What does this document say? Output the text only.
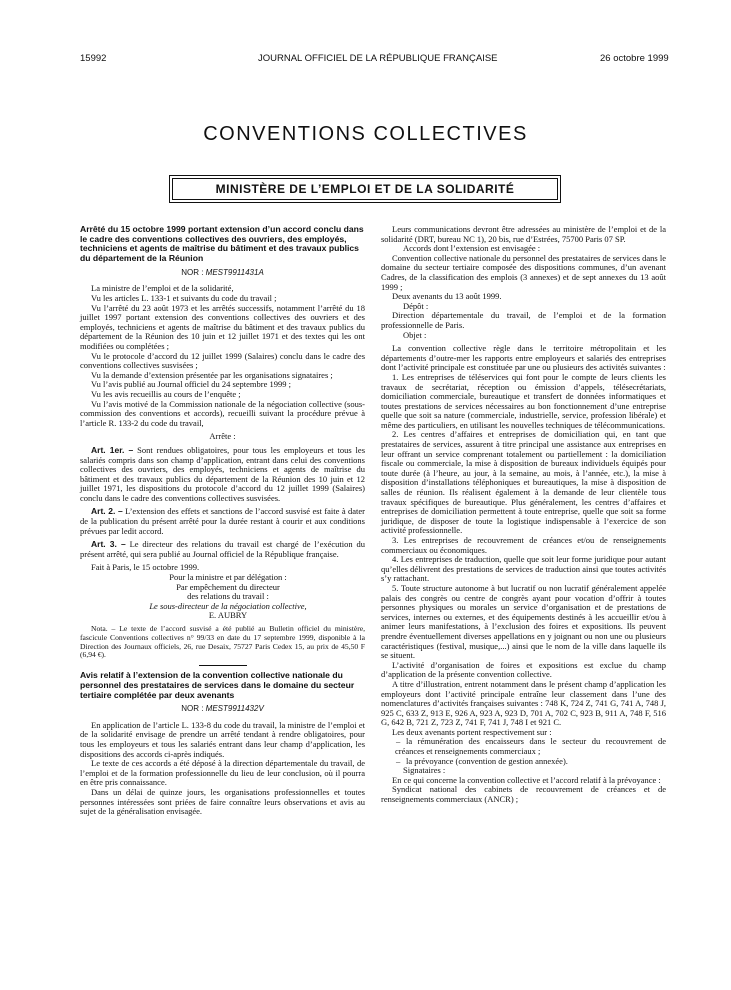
15992	JOURNAL OFFICIEL DE LA RÉPUBLIQUE FRANÇAISE	26 octobre 1999
CONVENTIONS COLLECTIVES
MINISTÈRE DE L’EMPLOI ET DE LA SOLIDARITÉ
Arrêté du 15 octobre 1999 portant extension d’un accord conclu dans le cadre des conventions collectives des ouvriers, des employés, techniciens et agents de maîtrise du bâtiment et des travaux publics du département de la Réunion
NOR : MESТ9911431A

La ministre de l’emploi et de la solidarité,

Vu les articles L. 133-1 et suivants du code du travail ;

Vu l’arrêté du 23 août 1973 et les arrêtés successifs, notamment l’arrêté du 18 juillet 1997 portant extension des conventions collectives des ouvriers et des employés, techniciens et agents de maîtrise du bâtiment et des travaux publics du département de la Réunion des 10 juin et 12 juillet 1971 et des textes qui les ont modifiées ou complétées ;

Vu le protocole d’accord du 12 juillet 1999 (Salaires) conclu dans le cadre des conventions collectives susvisées ;

Vu la demande d’extension présentée par les organisations signataires ;

Vu l’avis publié au Journal officiel du 24 septembre 1999 ;

Vu les avis recueillis au cours de l’enquête ;

Vu l’avis motivé de la Commission nationale de la négociation collective (sous-commission des conventions et accords), recueilli suivant la procédure prévue à l’article R. 133-2 du code du travail,

Arrête :

Art. 1er. – Sont rendues obligatoires, pour tous les employeurs et tous les salariés compris dans son champ d’application, entrant dans celui des conventions collectives des ouvriers, des employés, techniciens et agents de maîtrise du bâtiment et des travaux publics du département de la Réunion des 10 juin et 12 juillet 1971, les dispositions du protocole d’accord du 12 juillet 1999 (Salaires) conclu dans le cadre des conventions collectives susvisées.

Art. 2. – L’extension des effets et sanctions de l’accord susvisé est faite à dater de la publication du présent arrêté pour la durée restant à courir et aux conditions prévues par ledit accord.

Art. 3. – Le directeur des relations du travail est chargé de l’exécution du présent arrêté, qui sera publié au Journal officiel de la République française.

Fait à Paris, le 15 octobre 1999.

Pour la ministre et par délégation :

Par empêchement du directeur

des relations du travail :

Le sous-directeur de la négociation collective,

E. AUBRY

Nota. – Le texte de l’accord susvisé a été publié au Bulletin officiel du ministère, fascicule Conventions collectives n° 99/33 en date du 17 septembre 1999, disponible à la Direction des Journaux officiels, 26, rue Desaix, 75727 Paris Cedex 15, au prix de 45,50 F (6,94 €).

Avis relatif à l’extension de la convention collective nationale du personnel des prestataires de services dans le domaine du secteur tertiaire complétée par deux avenants
NOR : MEST9911432V

En application de l’article L. 133-8 du code du travail, la ministre de l’emploi et de la solidarité envisage de prendre un arrêté tendant à rendre obligatoires, pour tous les employeurs et tous les salariés entrant dans leur champ d’application, les dispositions des accords ci-après indiqués.

Le texte de ces accords a été déposé à la direction départementale du travail, de l’emploi et de la formation professionnelle du lieu de leur conclusion, où il pourra en être pris connaissance.

Dans un délai de quinze jours, les organisations professionnelles et toutes personnes intéressées sont priées de faire connaître leurs observations et avis au sujet de la généralisation envisagée.

Leurs communications devront être adressées au ministère de l’emploi et de la solidarité (DRT, bureau NC 1), 20 bis, rue d’Estrées, 75700 Paris 07 SP.

Accords dont l’extension est envisagée :

Convention collective nationale du personnel des prestataires de services dans le domaine du secteur tertiaire composée des dispositions communes, d’un avenant Cadres, de la classification des emplois (3 annexes) et de sept annexes du 13 août 1999 ;

Deux avenants du 13 août 1999.

Dépôt :

Direction départementale du travail, de l’emploi et de la formation professionnelle de Paris.

Objet :

La convention collective règle dans le territoire métropolitain et les départements d’outre-mer les rapports entre employeurs et salariés des entreprises dont l’activité principale est constituée par une ou plusieurs des activités suivantes :

1. Les entreprises de téléservices qui font pour le compte de leurs clients les travaux de secrétariat, réception ou émission d’appels, télésecrétariats, domiciliation commerciale, bureautique et transfert de données informatiques et toutes prestations de services nécessaires au bon fonctionnement d’une entreprise quelle que soit sa nature (commerciale, industrielle, service, profession libérale) et même des particuliers, en utilisant les nouvelles techniques de télécommunications.

2. Les centres d’affaires et entreprises de domiciliation qui, en tant que prestataires de services, assurent à titre principal une assistance aux entreprises en leur offrant un service comprenant totalement ou partiellement : la domiciliation fiscale ou commerciale, la mise à disposition de bureaux individuels équipés pour toute durée (à l’heure, au jour, à la semaine, au mois, à l’année, etc.), la mise à disposition d’installations téléphoniques et bureautiques, la mise à disposition de salles de réunion. Ils réalisent également à la demande de leur clientèle tous travaux spécifiques de bureautique. Plus généralement, les centres d’affaires et entreprises de domiciliation permettent à toute entreprise, quelle que soit sa forme juridique, de disposer de toute la logistique indispensable à l’exercice de son activité professionnelle.

3. Les entreprises de recouvrement de créances et/ou de renseignements commerciaux ou économiques.

4. Les entreprises de traduction, quelle que soit leur forme juridique pour autant qu’elles délivrent des prestations de services de traduction ainsi que toutes activités s’y rattachant.

5. Toute structure autonome à but lucratif ou non lucratif généralement appelée palais des congrès ou centre de congrès ayant pour vocation d’offrir à toutes personnes physiques ou morales un service d’organisation et de prestations de services, internes ou externes, et des équipements destinés à les accueillir et/ou à animer leurs manifestations, à l’exclusion des foires et expositions. Ils peuvent prendre éventuellement diverses appellations en y joignant ou non une ou plusieurs caractéristiques (festival, musique,...) ainsi que le nom de la ville dans laquelle ils se situent.

L’activité d’organisation de foires et expositions est exclue du champ d’application de la présente convention collective.

A titre d’illustration, entrent notamment dans le présent champ d’application les employeurs dont l’activité principale entraîne leur classement dans l’une des nomenclatures d’activités françaises suivantes : 748 K, 724 Z, 741 G, 741 A, 748 J, 925 C, 633 Z, 913 E, 926 A, 923 A, 923 D, 701 A, 702 C, 923 B, 911 A, 748 F, 516 G, 642 B, 721 Z, 723 Z, 741 F, 741 J, 748 I et 921 C.

Les deux avenants portent respectivement sur :

– la rémunération des encaisseurs dans le secteur du recouvrement de créances et renseignements commerciaux ;

– la prévoyance (convention de gestion annexée).

Signataires :

En ce qui concerne la convention collective et l’accord relatif à la prévoyance :

Syndicat national des cabinets de recouvrement de créances et de renseignements commerciaux (ANCR) ;
